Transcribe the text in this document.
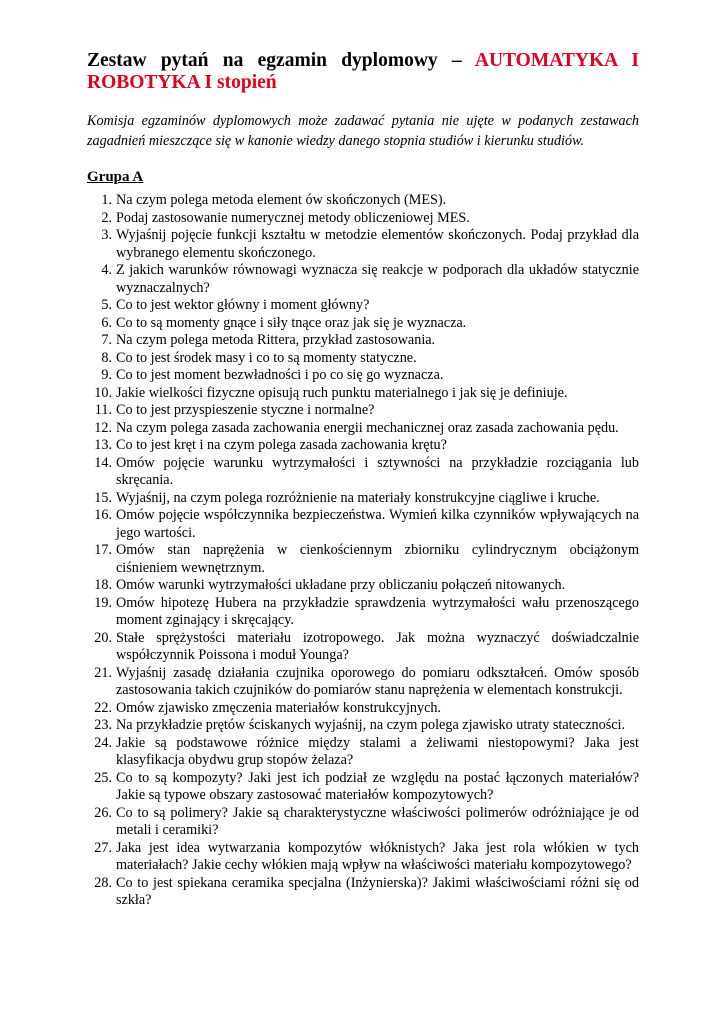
Zestaw pytań na egzamin dyplomowy – AUTOMATYKA I ROBOTYKA I stopień

Komisja egzaminów dyplomowych może zadawać pytania nie ujęte w podanych zestawach zagadnień mieszczące się w kanonie wiedzy danego stopnia studiów i kierunku studiów.

Grupa A
1. Na czym polega metoda element ów skończonych (MES).
2. Podaj zastosowanie numerycznej metody obliczeniowej MES.
3. Wyjaśnij pojęcie funkcji kształtu w metodzie elementów skończonych. Podaj przykład dla wybranego elementu skończonego.
4. Z jakich warunków równowagi wyznacza się reakcje w podporach dla układów statycznie wyznaczalnych?
5. Co to jest wektor główny i moment główny?
6. Co to są momenty gnące i siły tnące oraz jak się je wyznacza.
7. Na czym polega metoda Rittera, przykład zastosowania.
8. Co to jest środek masy i co to są momenty statyczne.
9. Co to jest moment bezwładności i po co się go wyznacza.
10. Jakie wielkości fizyczne opisują ruch punktu materialnego i jak się je definiuje.
11. Co to jest przyspieszenie styczne i normalne?
12. Na czym polega zasada zachowania energii mechanicznej oraz zasada zachowania pędu.
13. Co to jest kręt i na czym polega zasada zachowania krętu?
14. Omów pojęcie warunku wytrzymałości i sztywności na przykładzie rozciągania lub skręcania.
15. Wyjaśnij, na czym polega rozróżnienie na materiały konstrukcyjne ciągliwe i kruche.
16. Omów pojęcie współczynnika bezpieczeństwa. Wymień kilka czynników wpływających na jego wartości.
17. Omów stan naprężenia w cienkościennym zbiorniku cylindrycznym obciążonym ciśnieniem wewnętrznym.
18. Omów warunki wytrzymałości układane przy obliczaniu połączeń nitowanych.
19. Omów hipotezę Hubera na przykładzie sprawdzenia wytrzymałości wału przenoszącego moment zginający i skręcający.
20. Stałe sprężystości materiału izotropowego. Jak można wyznaczyć doświadczalnie współczynnik Poissona i moduł Younga?
21. Wyjaśnij zasadę działania czujnika oporowego do pomiaru odkształceń. Omów sposób zastosowania takich czujników do pomiarów stanu naprężenia w elementach konstrukcji.
22. Omów zjawisko zmęczenia materiałów konstrukcyjnych.
23. Na przykładzie prętów ściskanych wyjaśnij, na czym polega zjawisko utraty stateczności.
24. Jakie są podstawowe różnice między stalami a żeliwami niestopowymi? Jaka jest klasyfikacja obydwu grup stopów żelaza?
25. Co to są kompozyty? Jaki jest ich podział ze względu na postać łączonych materiałów? Jakie są typowe obszary zastosować materiałów kompozytowych?
26. Co to są polimery? Jakie są charakterystyczne właściwości polimerów odróżniające je od metali i ceramiki?
27. Jaka jest idea wytwarzania kompozytów włóknistych? Jaka jest rola włókien w tych materiałach? Jakie cechy włókien mają wpływ na właściwości materiału kompozytowego?
28. Co to jest spiekana ceramika specjalna (Inżynierska)? Jakimi właściwościami różni się od szkła?
